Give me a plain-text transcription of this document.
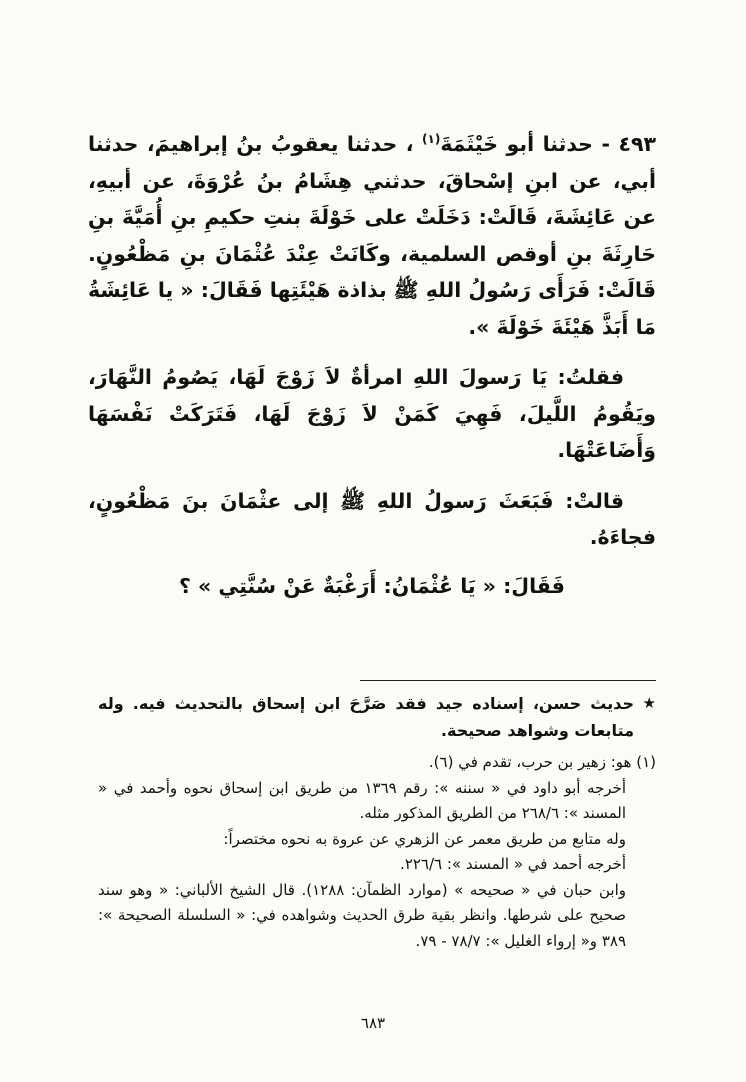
٤٩٣ - حدثنا أبو خَيْثَمَةَ$^{(١)}$ ، حدثنا يعقوبُ بنُ إبراهيمَ، حدثنا أبي، عن ابنِ إسْحاقَ، حدثني هِشَامُ بنُ عُرْوَةَ، عن أبيهِ، عن عَائِشَةَ، قَالَتْ: دَخَلَتْ على خَوْلَةَ بنتِ حكيمِ بنِ أُمَيَّةَ بنِ حَارِثَةَ بنِ أوقص السلمية، وكَانَتْ عِنْدَ عُثْمَانَ بنِ مَظْعُونٍ. قَالَتْ: فَرَأَى رَسُولُ اللهِ ﷺ بذاذة هَيْئَتِها فَقَالَ: « يا عَائِشَةُ مَا أَبَذَّ هَيْئَةَ خَوْلَةَ ».

فقلتُ: يَا رَسولَ اللهِ امرأةٌ لاَ زَوْجَ لَهَا، يَصُومُ النَّهَارَ، ويَقُومُ اللَّيلَ، فَهِيَ كَمَنْ لاَ زَوْجَ لَهَا، فَتَرَكَتْ نَفْسَهَا وَأَضَاعَتْهَا.

قالتْ: فَبَعَثَ رَسولُ اللهِ ﷺ إلى عثْمَانَ بنَ مَظْعُونٍ، فجاءَهُ.

فَقَالَ: « يَا عُثْمَانُ: أَرَغْبَةٌ عَنْ سُنَّتِي » ؟

★
حديث حسن، إسناده جيد فقد صَرَّحَ ابن إسحاق بالتحديث فيه. وله متابعات وشواهد صحيحة.

(١) هو: زهير بن حرب، تقدم في (٦).

أخرجه أبو داود في « سننه »: رقم ١٣٦٩ من طريق ابن إسحاق نحوه وأحمد في « المسند »: ٢٦٨/٦ من الطريق المذكور مثله.

وله متابع من طريق معمر عن الزهري عن عروة به نحوه مختصراً:

أخرجه أحمد في « المسند »: ٢٢٦/٦.

وابن حبان في « صحيحه » (موارد الظمآن: ١٢٨٨). قال الشيخ الألباني: « وهو سند صحيح على شرطها. وانظر بقية طرق الحديث وشواهده في: « السلسلة الصحيحة »: ٣٨٩ و« إرواء الغليل »: ٧٨/٧ - ٧٩.

٦٨٣
